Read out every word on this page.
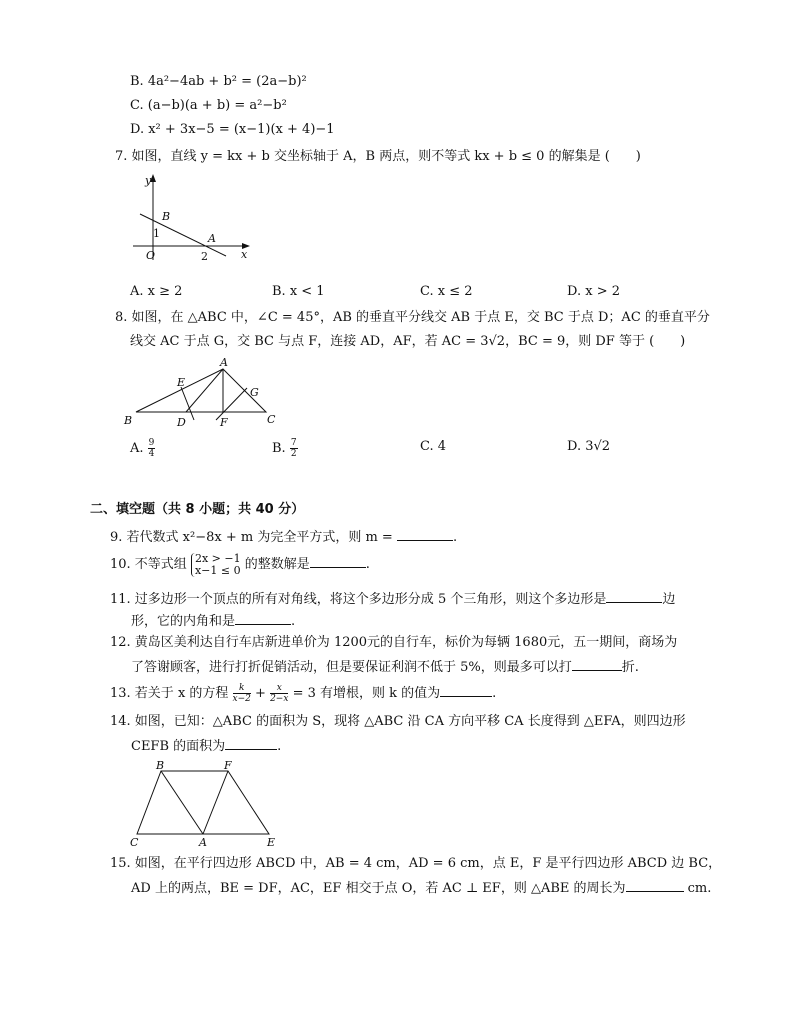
B. 4a²−4ab + b² = (2a−b)²
C. (a−b)(a + b) = a²−b²
D. x² + 3x−5 = (x−1)(x + 4)−1
7. 如图，直线 y = kx + b 交坐标轴于 A，B 两点，则不等式 kx + b ≤ 0 的解集是 (　　)
y
x
B
A
O
1
2
A. x ≥ 2	B. x < 1	C. x ≤ 2	D. x > 2
8. 如图，在 △ABC 中，∠C = 45°，AB 的垂直平分线交 AB 于点 E，交 BC 于点 D；AC 的垂直平分
线交 AC 于点 G，交 BC 与点 F，连接 AD，AF，若 AC = 3√2，BC = 9，则 DF 等于 (　　)
A
B	C
D
E
F
G
A. $\frac{9}{4}$	B. $\frac{7}{2}$	C. 4	D. 3√2
二、填空题（共 8 小题；共 40 分）
9. 若代数式 x²−8x + m 为完全平方式，则 m =	.
10. 不等式组 2x > −1
x−1 ≤ 0 的整数解是	.
11. 过多边形一个顶点的所有对角线，将这个多边形分成 5 个三角形，则这个多边形是	边
形，它的内角和是	.
12. 黄岛区美利达自行车店新进单价为 1200元的自行车，标价为每辆 1680元，五一期间，商场为
了答谢顾客，进行打折促销活动，但是要保证利润不低于 5%，则最多可以打	折.
13. 若关于 x 的方程 $\frac{k}{x-2} + \frac{x}{2-x} = 3$ 有增根，则 k 的值为	.
14. 如图，已知：△ABC 的面积为 S，现将 △ABC 沿 CA 方向平移 CA 长度得到 △EFA，则四边形
CEFB 的面积为	.
B	F
C	A	E
15. 如图，在平行四边形 ABCD 中，AB = 4 cm，AD = 6 cm，点 E，F 是平行四边形 ABCD 边 BC，
AD 上的两点，BE = DF，AC，EF 相交于点 O，若 AC ⊥ EF，则 △ABE 的周长为	cm.
